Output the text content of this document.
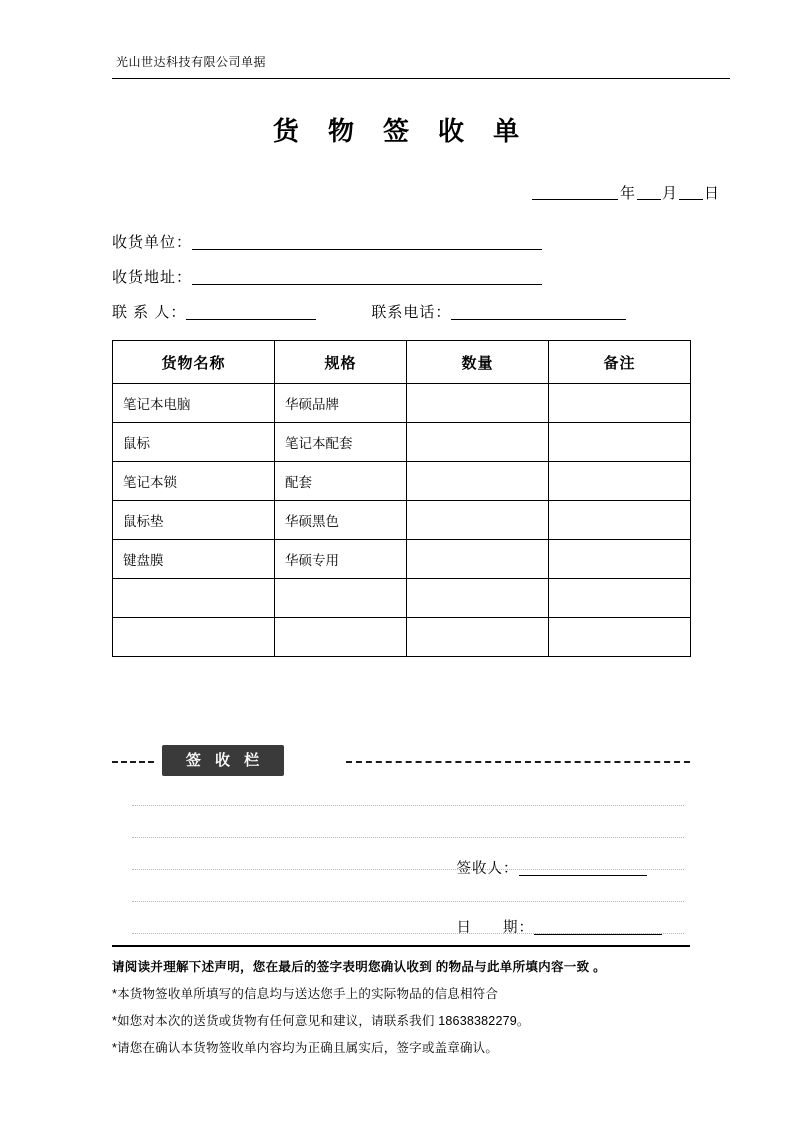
光山世达科技有限公司单据
货 物 签 收 单
年 月 日
收货单位：
收货地址：
联 系 人：	联系电话：
货物名称	规格	数量	备注
笔记本电脑	华硕品牌		
鼠标	笔记本配套		
笔记本锁	配套		
鼠标垫	华硕黑色		
键盘膜	华硕专用		

签 收 栏
签收人：
日　　期：
请阅读并理解下述声明，您在最后的签字表明您确认收到 的物品与此单所填内容一致 。
*本货物签收单所填写的信息均与送达您手上的实际物品的信息相符合
*如您对本次的送货或货物有任何意见和建议，请联系我们 18638382279。
*请您在确认本货物签收单内容均为正确且属实后，签字或盖章确认。
